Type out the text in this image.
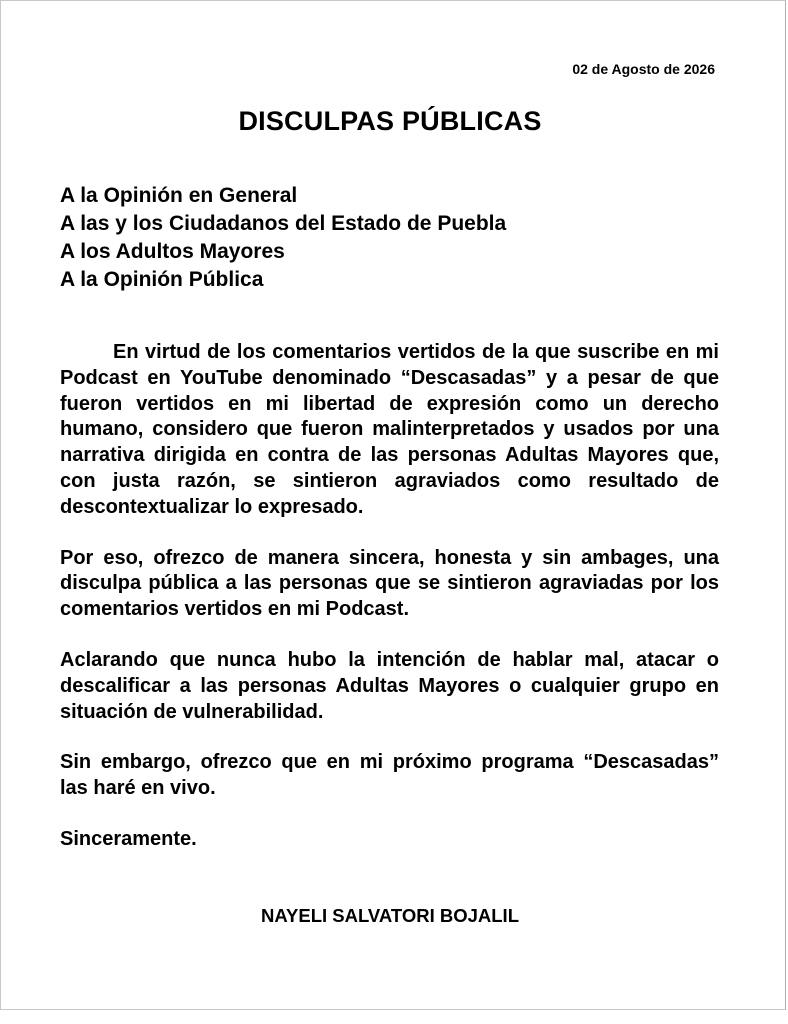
02 de Agosto de 2026
DISCULPAS PÚBLICAS
A la Opinión en General
A las y los Ciudadanos del Estado de Puebla
A los Adultos Mayores
A la Opinión Pública

En virtud de los comentarios vertidos de la que suscribe en mi Podcast en YouTube denominado “Descasadas” y a pesar de que fueron vertidos en mi libertad de expresión como un derecho humano, considero que fueron malinterpretados y usados por una narrativa dirigida en contra de las personas Adultas Mayores que, con justa razón, se sintieron agraviados como resultado de descontextualizar lo expresado.

Por eso, ofrezco de manera sincera, honesta y sin ambages, una disculpa pública a las personas que se sintieron agraviadas por los comentarios vertidos en mi Podcast.

Aclarando que nunca hubo la intención de hablar mal, atacar o descalificar a las personas Adultas Mayores o cualquier grupo en situación de vulnerabilidad.

Sin embargo, ofrezco que en mi próximo programa “Descasadas” las haré en vivo.

Sinceramente.

NAYELI SALVATORI BOJALIL
